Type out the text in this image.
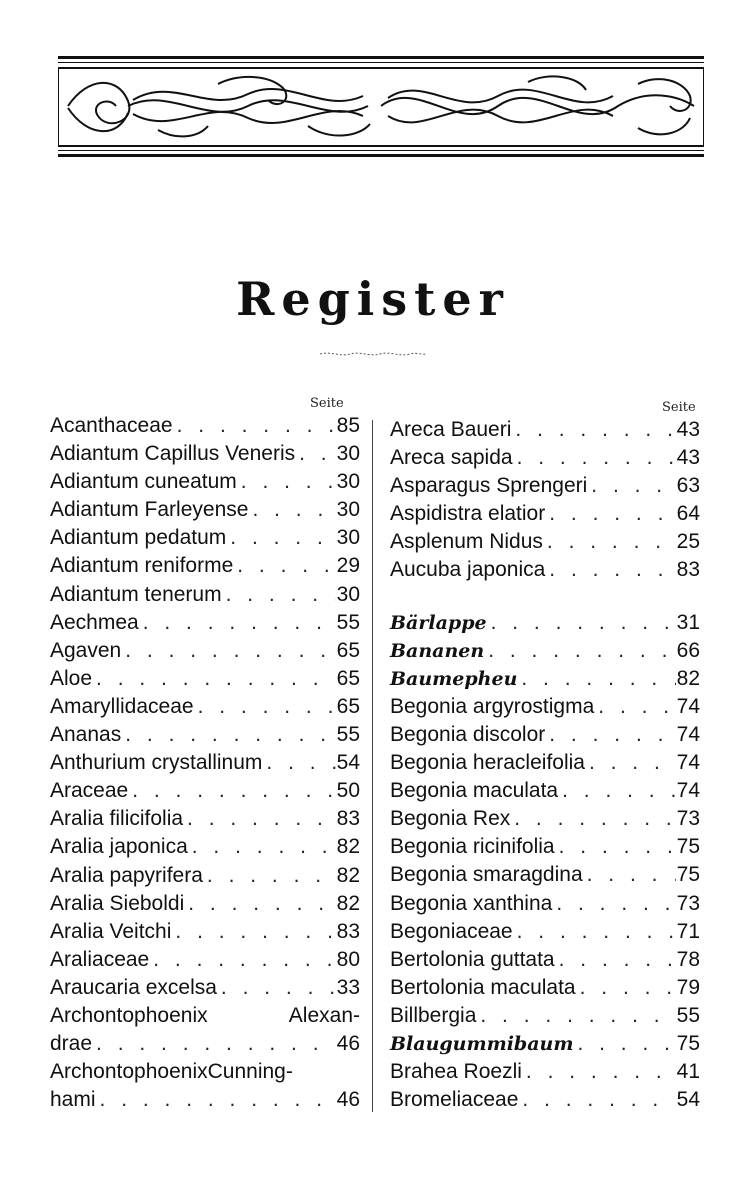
Register
Seite	Seite
Acanthaceae . . .	85
Adiantum Capillus Veneris . . . 30
Adiantum cuneatum . . .	30
Adiantum Farleyense . . .	30
Adiantum pedatum . . .	30
Adiantum reniforme . . .	29
Adiantum tenerum . . .	30
Aechmea . . .	55
Agaven . . .	65
Aloe . . .	65
Amaryllidaceae . . .	65
Ananas . . .	55
Anthurium crystallinum . . .	54
Araceae . . .	50
Aralia filicifolia . . .	83
Aralia japonica . . .	82
Aralia papyrifera . . .	82
Aralia Sieboldi . . .	82
Aralia Veitchi . . .	83
Araliaceae . . .	80
Araucaria excelsa . . .	33
Archontophoenix	Alexan-
drae . . .	46
ArchontophoenixCunning-
hami . . .	46
Areca Baueri . . .	43
Areca sapida . . .	43
Asparagus Sprengeri . . .	63
Aspidistra elatior . . .	64
Asplenum Nidus . . .	25
Aucuba japonica . . .	83
Bärlappe . . .	31
Bananen . . .	66
Baumepheu . . .	82
Begonia argyrostigma . . .	74
Begonia discolor . . .	74
Begonia heracleifolia . . .	74
Begonia maculata . . .	74
Begonia Rex . . .	73
Begonia ricinifolia . . .	75
Begonia smaragdina . . .	75
Begonia xanthina . . .	73
Begoniaceae . . .	71
Bertolonia guttata . . .	78
Bertolonia maculata . . .	79
Billbergia . . .	55
Blaugummibaum . . .	75
Brahea Roezli . . .	41
Bromeliaceae . . .	54
